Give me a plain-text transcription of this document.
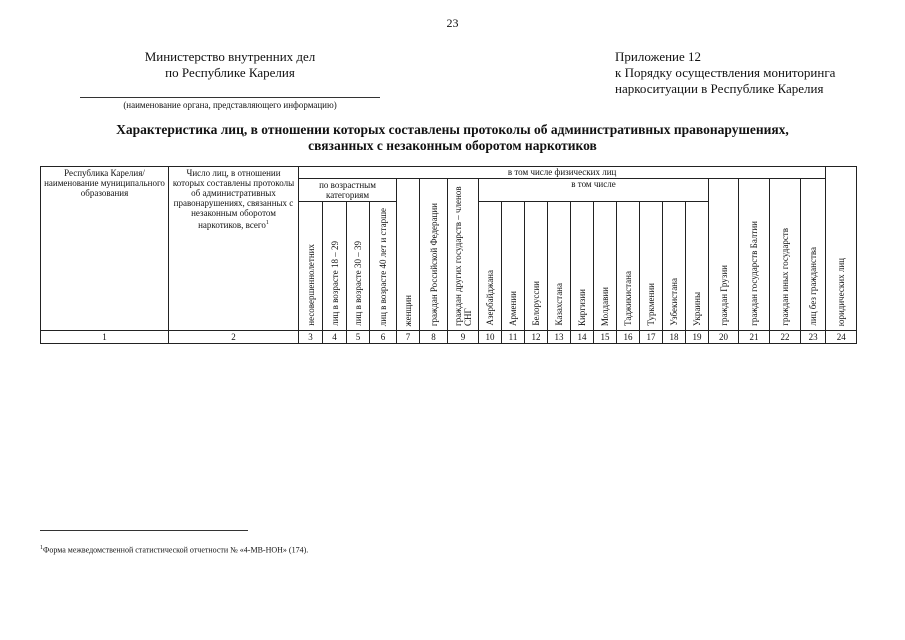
23
Министерство внутренних дел
по Республике Карелия
Приложение 12
к Порядку осуществления мониторинга
наркоситуации в Республике Карелия
(наименование органа, представляющего информацию)
Характеристика лиц, в отношении которых составлены протоколы об административных правонарушениях,
связанных с незаконным оборотом наркотиков
Республика Карелия/ наименование муниципального образования	Число лиц, в отношении которых составлены протоколы об административных правонарушениях, связанных с незаконным оборотом наркотиков, всего$^1$	в том числе физических лиц																					юридических лиц
		по возрастным категориям				женщин	граждан Российской Федерации	граждан других государств – членов СНГ	в том числе										граждан Грузии	граждан государств Балтии	граждан иных государств	лиц без гражданства	
		несовершеннолетних	лиц в возрасте 18 – 29	лиц в возрасте 30 – 39	лиц в возрасте 40 лет и старше				Азербайджана	Армении	Белоруссии	Казахстана	Киргизии	Молдавии	Таджикистана	Туркмении	Узбекистана	Украины					
1	2	3	4	5	6	7	8	9	10	11	12	13	14	15	16	17	18	19	20	21	22	23	24
$^1$Форма межведомственной статистической отчетности № «4-МВ-НОН» (174).
